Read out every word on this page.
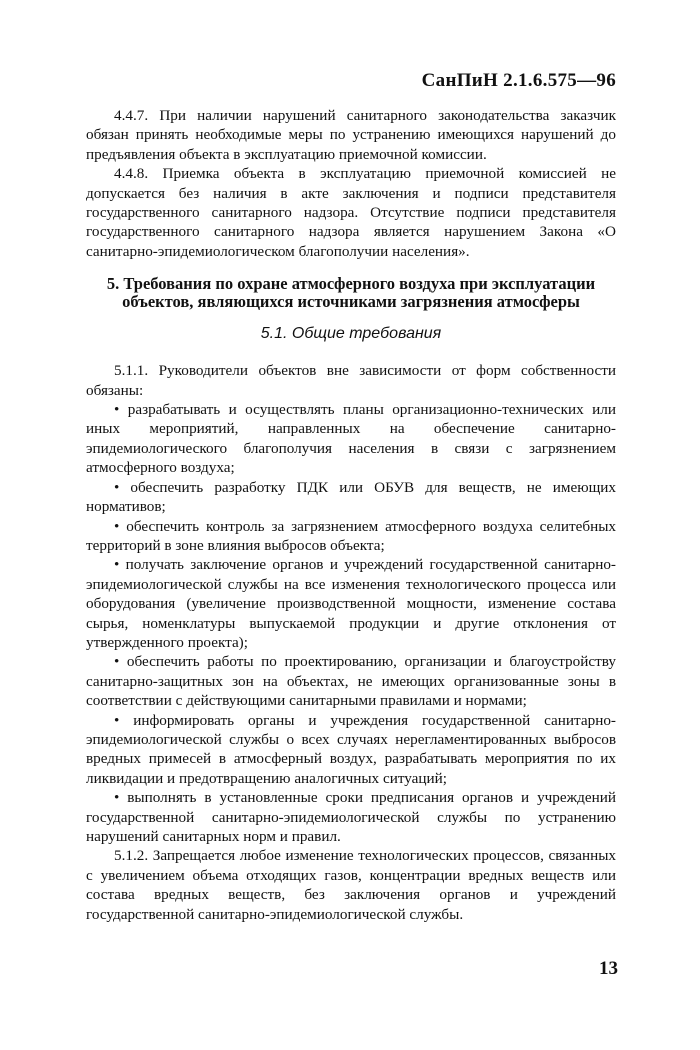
СанПиН 2.1.6.575—96

4.4.7. При наличии нарушений санитарного законодательства заказчик обязан принять необходимые меры по устранению имеющихся нарушений до предъявления объекта в эксплуатацию приемочной комиссии.

4.4.8. Приемка объекта в эксплуатацию приемочной комиссией не допускается без наличия в акте заключения и подписи представителя государственного санитарного надзора. Отсутствие подписи представителя государственного санитарного надзора является нарушением Закона «О санитарно-эпидемиологическом благополучии населения».

5. Требования по охране атмосферного воздуха при эксплуатации
объектов, являющихся источниками загрязнения атмосферы
5.1. Общие требования

5.1.1. Руководители объектов вне зависимости от форм собственности обязаны:

• разрабатывать и осуществлять планы организационно-технических или иных мероприятий, направленных на обеспечение санитарно-эпидемиологического благополучия населения в связи с загрязнением атмосферного воздуха;

• обеспечить разработку ПДК или ОБУВ для веществ, не имеющих нормативов;

• обеспечить контроль за загрязнением атмосферного воздуха селитебных территорий в зоне влияния выбросов объекта;

• получать заключение органов и учреждений государственной санитарно-эпидемиологической службы на все изменения технологического процесса или оборудования (увеличение производственной мощности, изменение состава сырья, номенклатуры выпускаемой продукции и другие отклонения от утвержденного проекта);

• обеспечить работы по проектированию, организации и благоустройству санитарно-защитных зон на объектах, не имеющих организованные зоны в соответствии с действующими санитарными правилами и нормами;

• информировать органы и учреждения государственной санитарно-эпидемиологической службы о всех случаях нерегламентированных выбросов вредных примесей в атмосферный воздух, разрабатывать мероприятия по их ликвидации и предотвращению аналогичных ситуаций;

• выполнять в установленные сроки предписания органов и учреждений государственной санитарно-эпидемиологической службы по устранению нарушений санитарных норм и правил.

5.1.2. Запрещается любое изменение технологических процессов, связанных с увеличением объема отходящих газов, концентрации вредных веществ или состава вредных веществ, без заключения органов и учреждений государственной санитарно-эпидемиологической службы.

13
